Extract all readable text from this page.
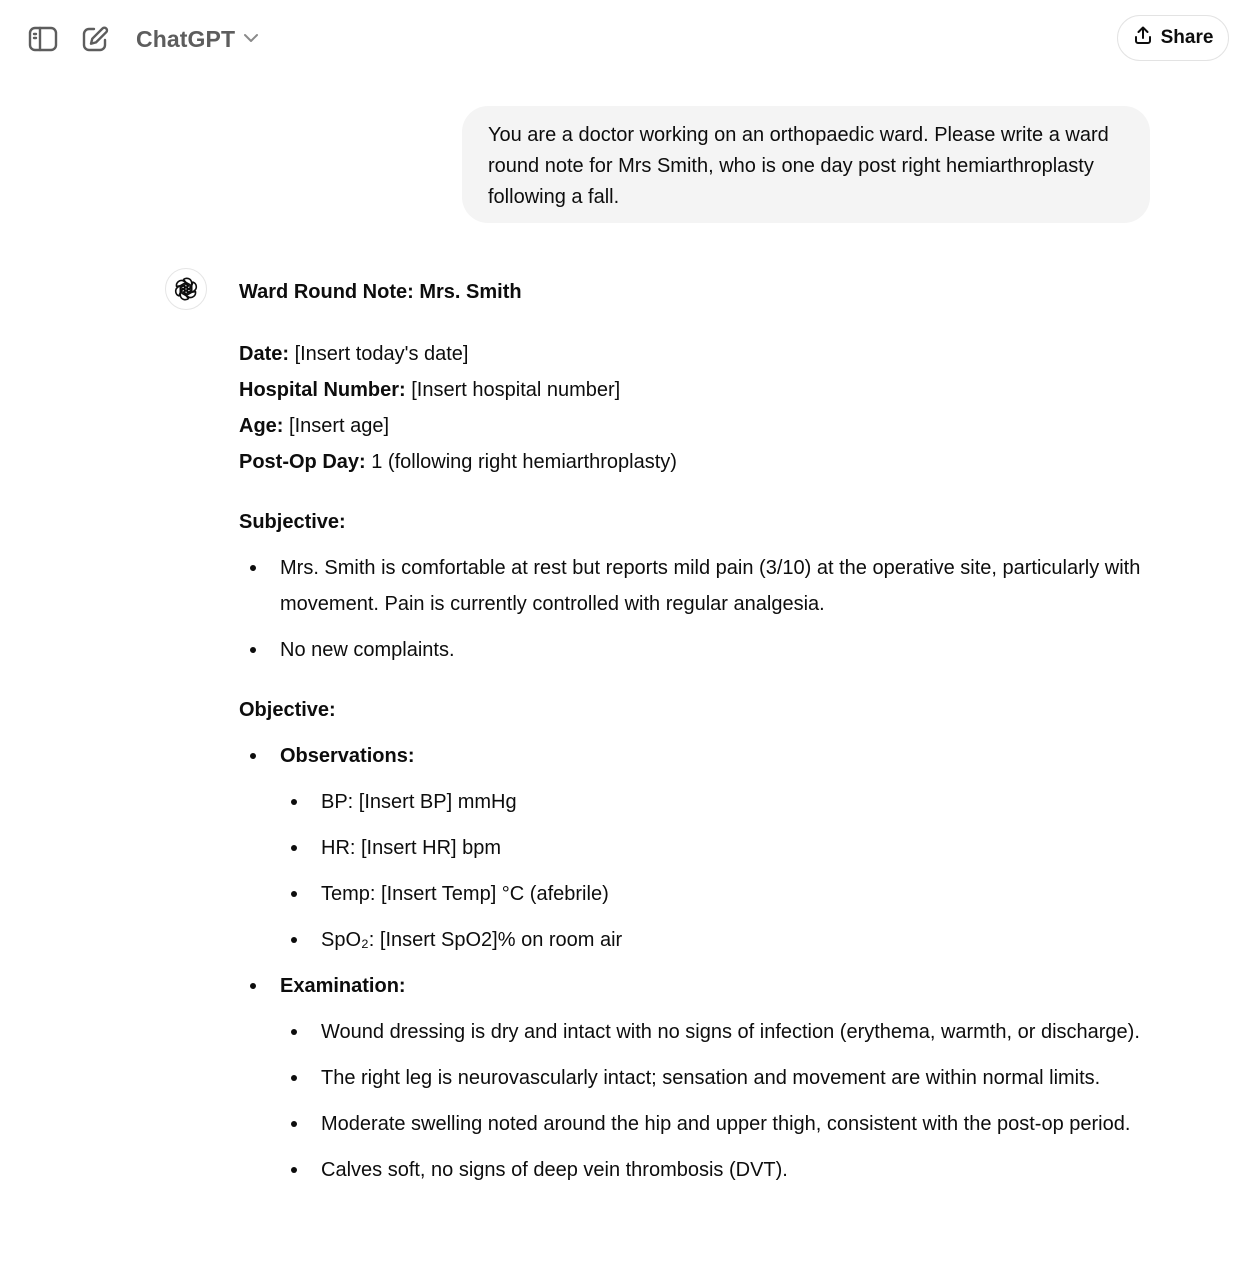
ChatGPT	Share
You are a doctor working on an orthopaedic ward. Please write a ward round note for Mrs Smith, who is one day post right hemiarthroplasty following a fall.
Ward Round Note: Mrs. Smith
Date: [Insert today's date]
Hospital Number: [Insert hospital number]
Age: [Insert age]
Post-Op Day: 1 (following right hemiarthroplasty)
Subjective:
Mrs. Smith is comfortable at rest but reports mild pain (3/10) at the operative site, particularly with movement. Pain is currently controlled with regular analgesia.
No new complaints.
Objective:
Observations:
BP: [Insert BP] mmHg
HR: [Insert HR] bpm
Temp: [Insert Temp] °C (afebrile)
SpO₂: [Insert SpO2]% on room air
Examination:
Wound dressing is dry and intact with no signs of infection (erythema, warmth, or discharge).
The right leg is neurovascularly intact; sensation and movement are within normal limits.
Moderate swelling noted around the hip and upper thigh, consistent with the post-op period.
Calves soft, no signs of deep vein thrombosis (DVT).
